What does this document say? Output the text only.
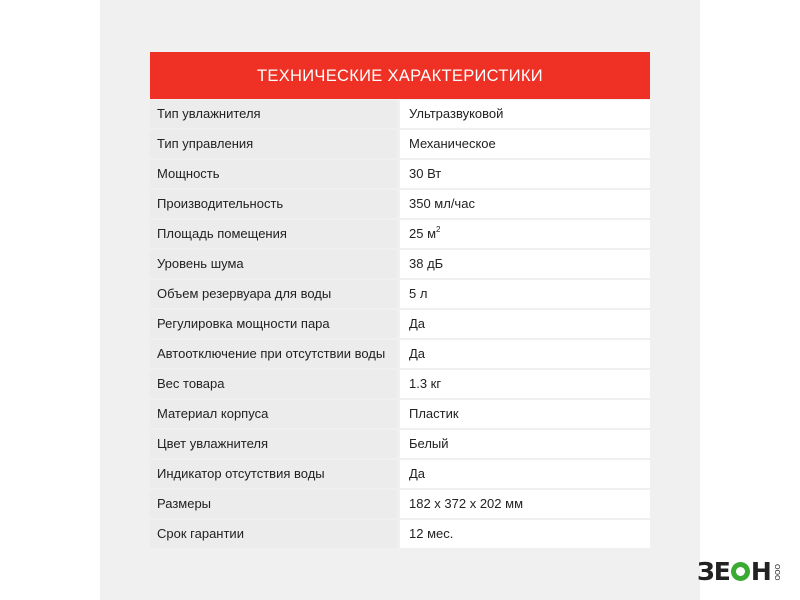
ТЕХНИЧЕСКИЕ ХАРАКТЕРИСТИКИ
Тип увлажнителя	Ультразвуковой
Тип управления	Механическое
Мощность	30 Вт
Производительность	350 мл/час
Площадь помещения	25 $м^2$
Уровень шума	38 дБ
Объем резервуара для воды	5 л
Регулировка мощности пара	Да
Автоотключение при отсутствии воды	Да
Вес товара	1.3 кг
Материал корпуса	Пластик
Цвет увлажнителя	Белый
Индикатор отсутствия воды	Да
Размеры	182 x 372 x 202 мм
Срок гарантии	12 мес.
ЗЕ Н ООО
